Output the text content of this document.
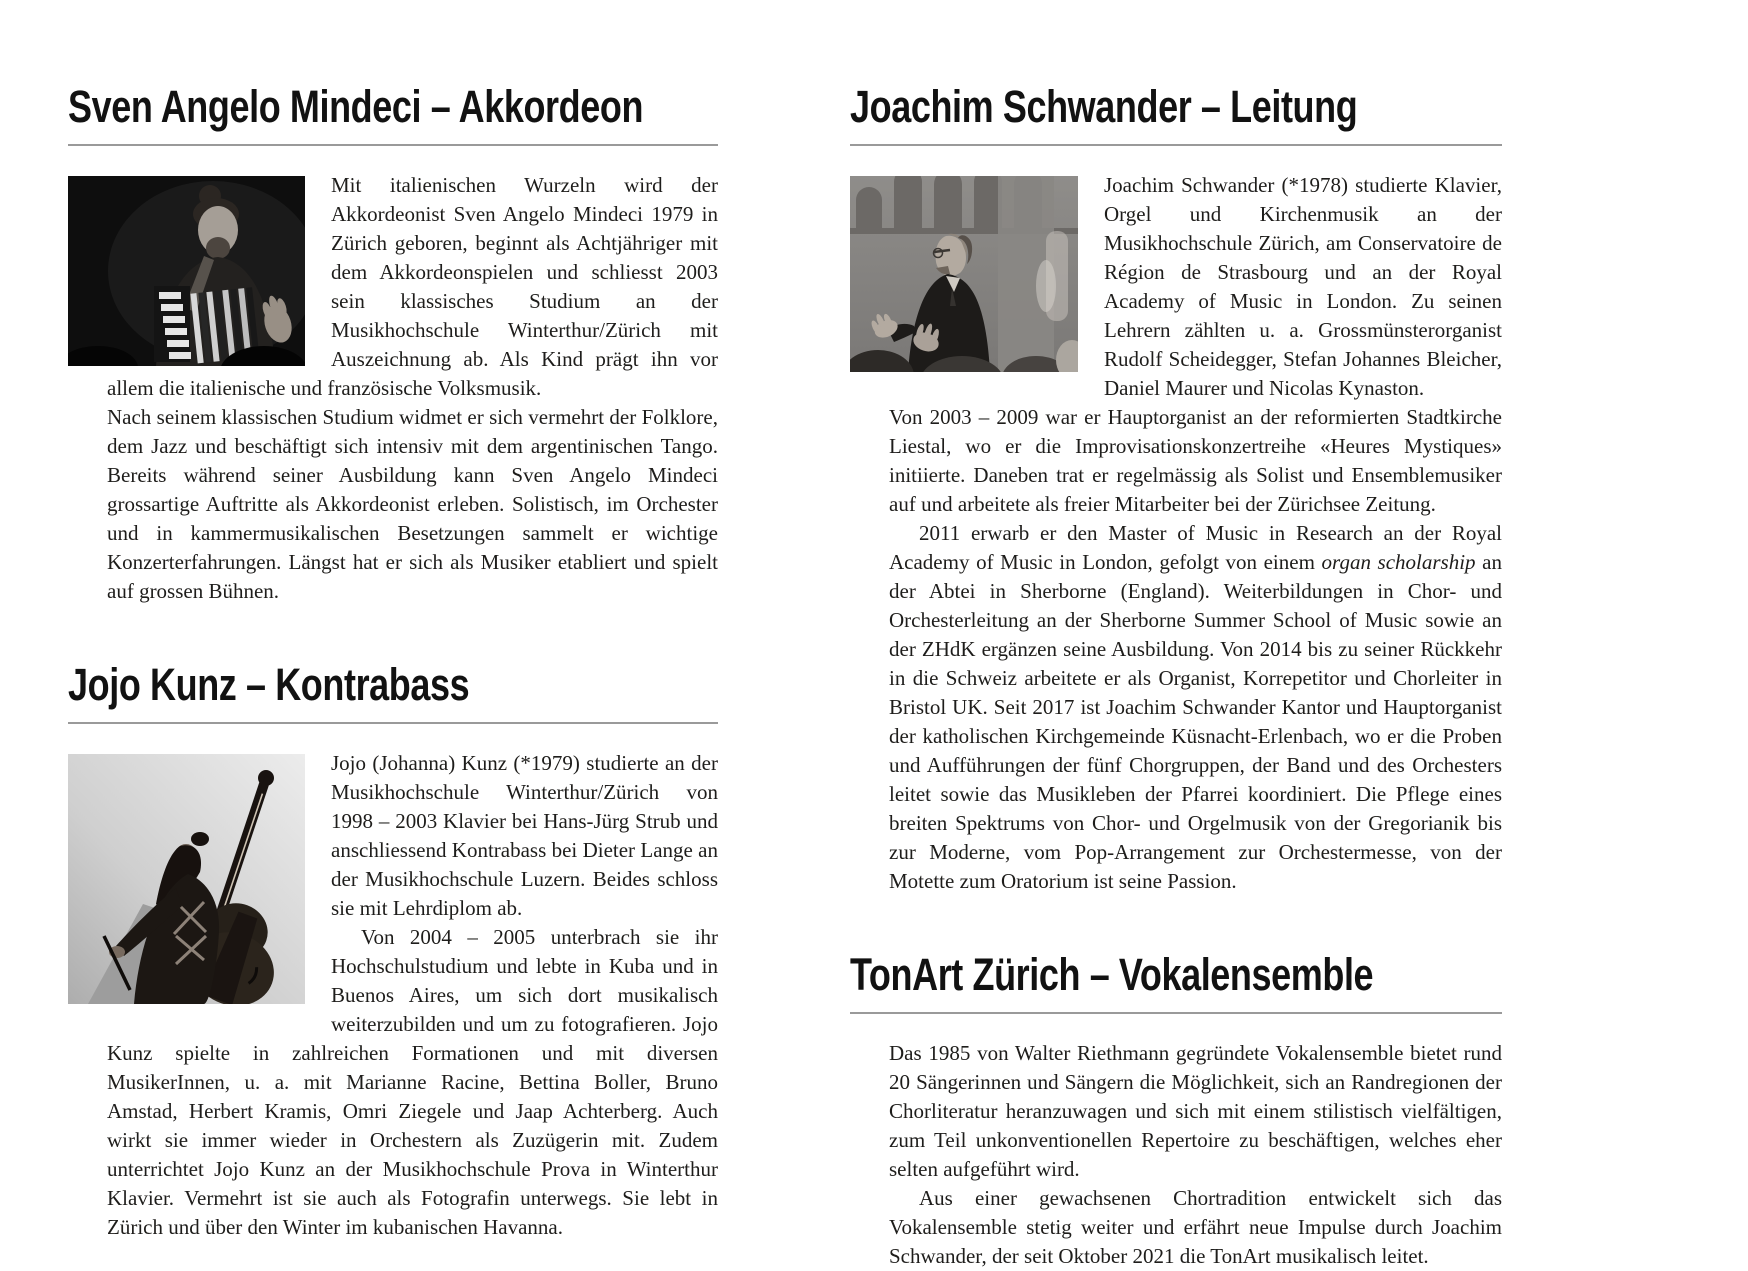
Sven Angelo Mindeci – Akkordeon

Mit italienischen Wurzeln wird der Akkordeonist Sven Angelo Mindeci 1979 in Zürich geboren, beginnt als Achtjähriger mit dem Akkordeonspielen und schliesst 2003 sein klassisches Studium an der Musikhochschule Winterthur/Zürich mit Auszeichnung ab. Als Kind prägt ihn vor allem die italienische und französische Volksmusik.

Nach seinem klassischen Studium widmet er sich vermehrt der Folklore, dem Jazz und beschäftigt sich intensiv mit dem argentinischen Tango. Bereits während seiner Ausbildung kann Sven Angelo Mindeci grossartige Auftritte als Akkordeonist erleben. Solistisch, im Orchester und in kammermusikalischen Besetzungen sammelt er wichtige Konzerterfahrungen. Längst hat er sich als Musiker etabliert und spielt auf grossen Bühnen.

Jojo Kunz – Kontrabass

Jojo (Johanna) Kunz (*1979) studierte an der Musikhochschule Winterthur/Zürich von 1998 – 2003 Klavier bei Hans-Jürg Strub und anschliessend Kontrabass bei Dieter Lange an der Musikhochschule Luzern. Beides schloss sie mit Lehrdiplom ab.

Von 2004 – 2005 unterbrach sie ihr Hochschulstudium und lebte in Kuba und in Buenos Aires, um sich dort musikalisch weiterzubilden und um zu fotografieren. Jojo Kunz spielte in zahlreichen Formationen und mit diversen MusikerInnen, u. a. mit Marianne Racine, Bettina Boller, Bruno Amstad, Herbert Kramis, Omri Ziegele und Jaap Achterberg. Auch wirkt sie immer wieder in Orchestern als Zuzügerin mit. Zudem unterrichtet Jojo Kunz an der Musikhochschule Prova in Winterthur Klavier. Vermehrt ist sie auch als Fotografin unterwegs. Sie lebt in Zürich und über den Winter im kubanischen Havanna.

Joachim Schwander – Leitung

Joachim Schwander (*1978) studierte Klavier, Orgel und Kirchenmusik an der Musikhochschule Zürich, am Conservatoire de Région de Strasbourg und an der Royal Academy of Music in London. Zu seinen Lehrern zählten u. a. Grossmünsterorganist Rudolf Scheidegger, Stefan Johannes Bleicher, Daniel Maurer und Nicolas Kynaston.

Von 2003 – 2009 war er Hauptorganist an der reformierten Stadtkirche Liestal, wo er die Improvisationskonzertreihe «Heures Mystiques» initiierte. Daneben trat er regelmässig als Solist und Ensemblemusiker auf und arbeitete als freier Mitarbeiter bei der Zürichsee Zeitung.

2011 erwarb er den Master of Music in Research an der Royal Academy of Music in London, gefolgt von einem organ scholarship an der Abtei in Sherborne (England). Weiterbildungen in Chor- und Orchesterleitung an der Sherborne Summer School of Music sowie an der ZHdK ergänzen seine Ausbildung. Von 2014 bis zu seiner Rückkehr in die Schweiz arbeitete er als Organist, Korrepetitor und Chorleiter in Bristol UK. Seit 2017 ist Joachim Schwander Kantor und Hauptorganist der katholischen Kirchgemeinde Küsnacht-Erlenbach, wo er die Proben und Aufführungen der fünf Chorgruppen, der Band und des Orchesters leitet sowie das Musikleben der Pfarrei koordiniert. Die Pflege eines breiten Spektrums von Chor- und Orgelmusik von der Gregorianik bis zur Moderne, vom Pop-Arrangement zur Orchestermesse, von der Motette zum Oratorium ist seine Passion.

TonArt Zürich – Vokalensemble

Das 1985 von Walter Riethmann gegründete Vokalensemble bietet rund 20 Sängerinnen und Sängern die Möglichkeit, sich an Randregionen der Chorliteratur heranzuwagen und sich mit einem stilistisch vielfältigen, zum Teil unkonventionellen Repertoire zu beschäftigen, welches eher selten aufgeführt wird.

Aus einer gewachsenen Chortradition entwickelt sich das Vokalensemble stetig weiter und erfährt neue Impulse durch Joachim Schwander, der seit Oktober 2021 die TonArt musikalisch leitet.
